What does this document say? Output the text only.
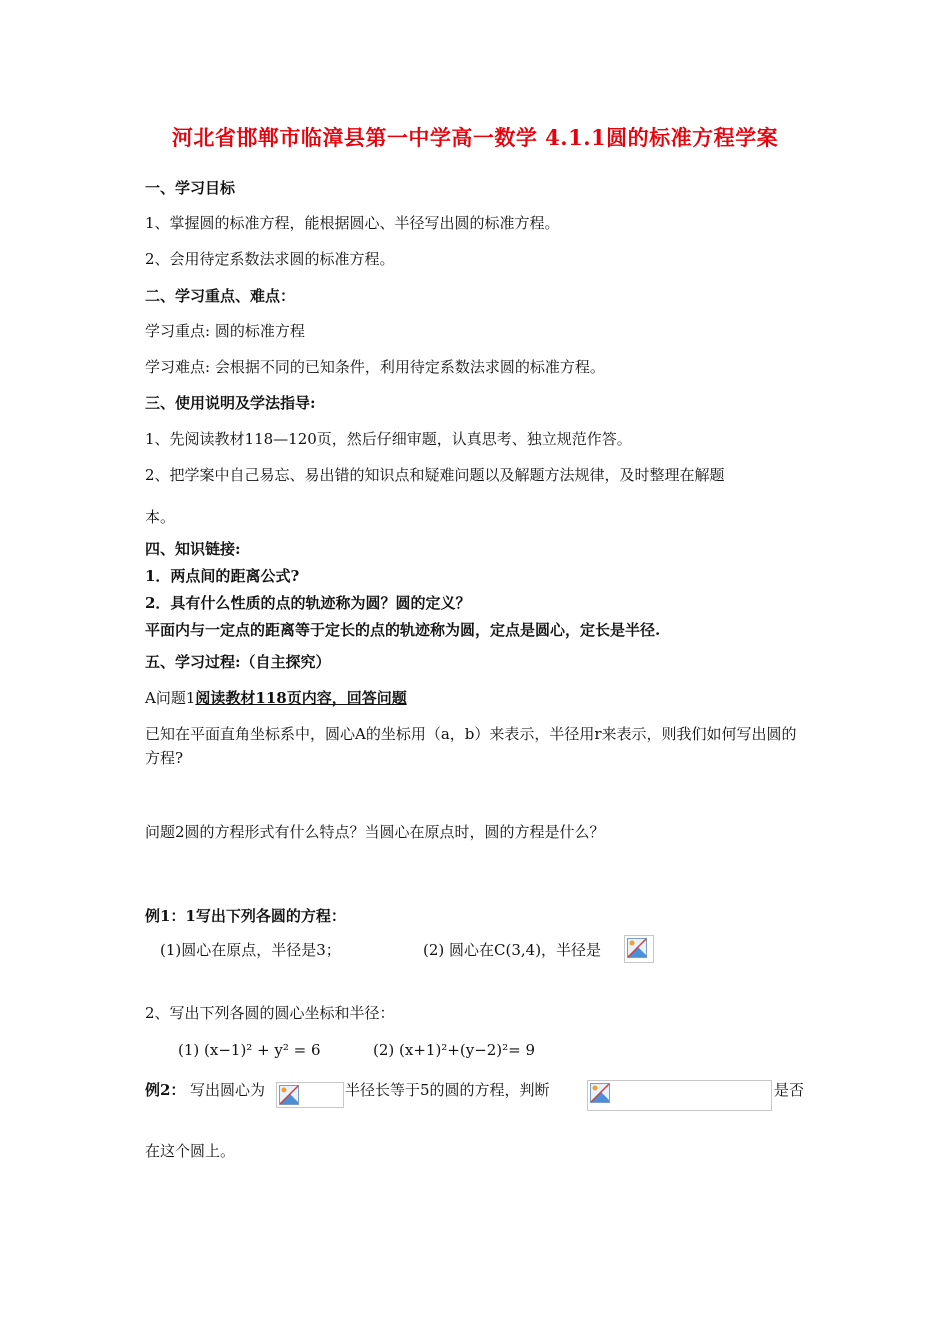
河北省邯郸市临漳县第一中学高一数学 4.1.1圆的标准方程学案
一、学习目标
1、掌握圆的标准方程，能根据圆心、半径写出圆的标准方程。
2、会用待定系数法求圆的标准方程。
二、学习重点、难点：
学习重点: 圆的标准方程
学习难点: 会根据不同的已知条件，利用待定系数法求圆的标准方程。
三、使用说明及学法指导:
1、先阅读教材118—120页，然后仔细审题，认真思考、独立规范作答。
2、把学案中自己易忘、易出错的知识点和疑难问题以及解题方法规律，及时整理在解题
本。
四、知识链接:
1．两点间的距离公式?
2．具有什么性质的点的轨迹称为圆？圆的定义？
平面内与一定点的距离等于定长的点的轨迹称为圆，定点是圆心，定长是半径.
五、学习过程:（自主探究）
A问题1阅读教材118页内容，回答问题
已知在平面直角坐标系中，圆心A的坐标用（a，b）来表示，半径用r来表示，则我们如何写出圆的方程?
问题2圆的方程形式有什么特点？当圆心在原点时，圆的方程是什么？
例1：1写出下列各圆的方程：
(1)圆心在原点，半径是3；	(2) 圆心在C(3,4)，半径是
2、写出下列各圆的圆心坐标和半径：
(1) (x−1)² + y² = 6	(2) (x+1)²+(y−2)²= 9
例2： 写出圆心为	半径长等于5的圆的方程，判断	是否
在这个圆上。
